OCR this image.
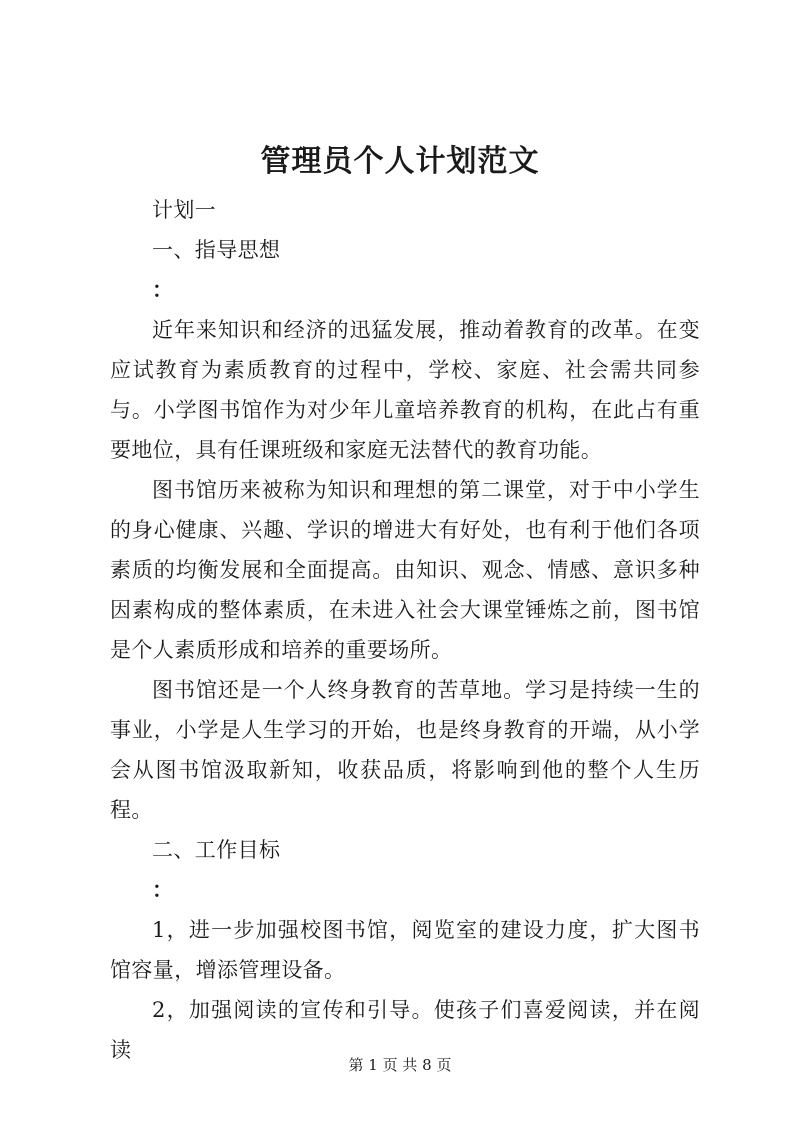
管理员个人计划范文

计划一

一、指导思想

：

近年来知识和经济的迅猛发展，推动着教育的改革。在变应试教育为素质教育的过程中，学校、家庭、社会需共同参与。小学图书馆作为对少年儿童培养教育的机构，在此占有重要地位，具有任课班级和家庭无法替代的教育功能。

图书馆历来被称为知识和理想的第二课堂，对于中小学生的身心健康、兴趣、学识的增进大有好处，也有利于他们各项素质的均衡发展和全面提高。由知识、观念、情感、意识多种因素构成的整体素质，在未进入社会大课堂锤炼之前，图书馆是个人素质形成和培养的重要场所。

图书馆还是一个人终身教育的苦草地。学习是持续一生的事业，小学是人生学习的开始，也是终身教育的开端，从小学会从图书馆汲取新知，收获品质，将影响到他的整个人生历程。

二、工作目标

：

1，进一步加强校图书馆，阅览室的建设力度，扩大图书馆容量，增添管理设备。

2，加强阅读的宣传和引导。使孩子们喜爱阅读，并在阅读

第 1 页 共 8 页
